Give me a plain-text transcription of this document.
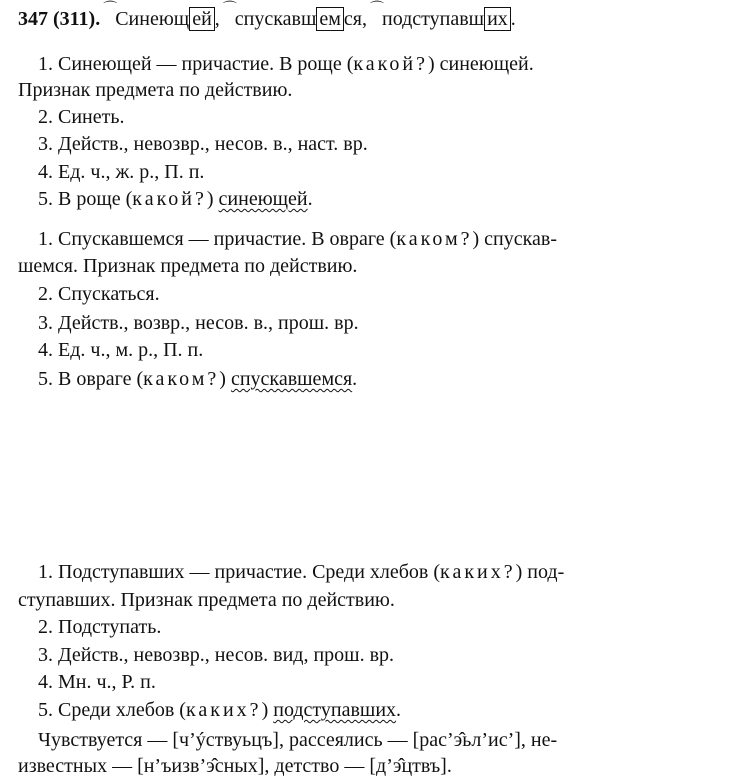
347 (311). ⌒Синеющ ей , ⌒спускавш ем ся, ⌒подступавш их .
1. Синеющей — причастие. В роще (какой?) синеющей.
Признак предмета по действию.
2. Синеть.
3. Действ., невозвр., несов. в., наст. вр.
4. Ед. ч., ж. р., П. п.
5. В роще (какой?) синеющей.
1. Спускавшемся — причастие. В овраге (каком?) спускав-
шемся. Признак предмета по действию.
2. Спускаться.
3. Действ., возвр., несов. в., прош. вр.
4. Ед. ч., м. р., П. п.
5. В овраге (каком?) спускавшемся.
1. Подступавших — причастие. Среди хлебов (каких?) под-
ступавших. Признак предмета по действию.
2. Подступать.
3. Действ., невозвр., несов. вид, прош. вр.
4. Мн. ч., Р. п.
5. Среди хлебов (каких?) подступавших.
Чувствуется — [ч’ýствуьцъ], рассеялись — [рас’э̂ьл’ис’], не-
известных — [н’ъизв’э̂сных], детство — [д’э̂цтвъ].
